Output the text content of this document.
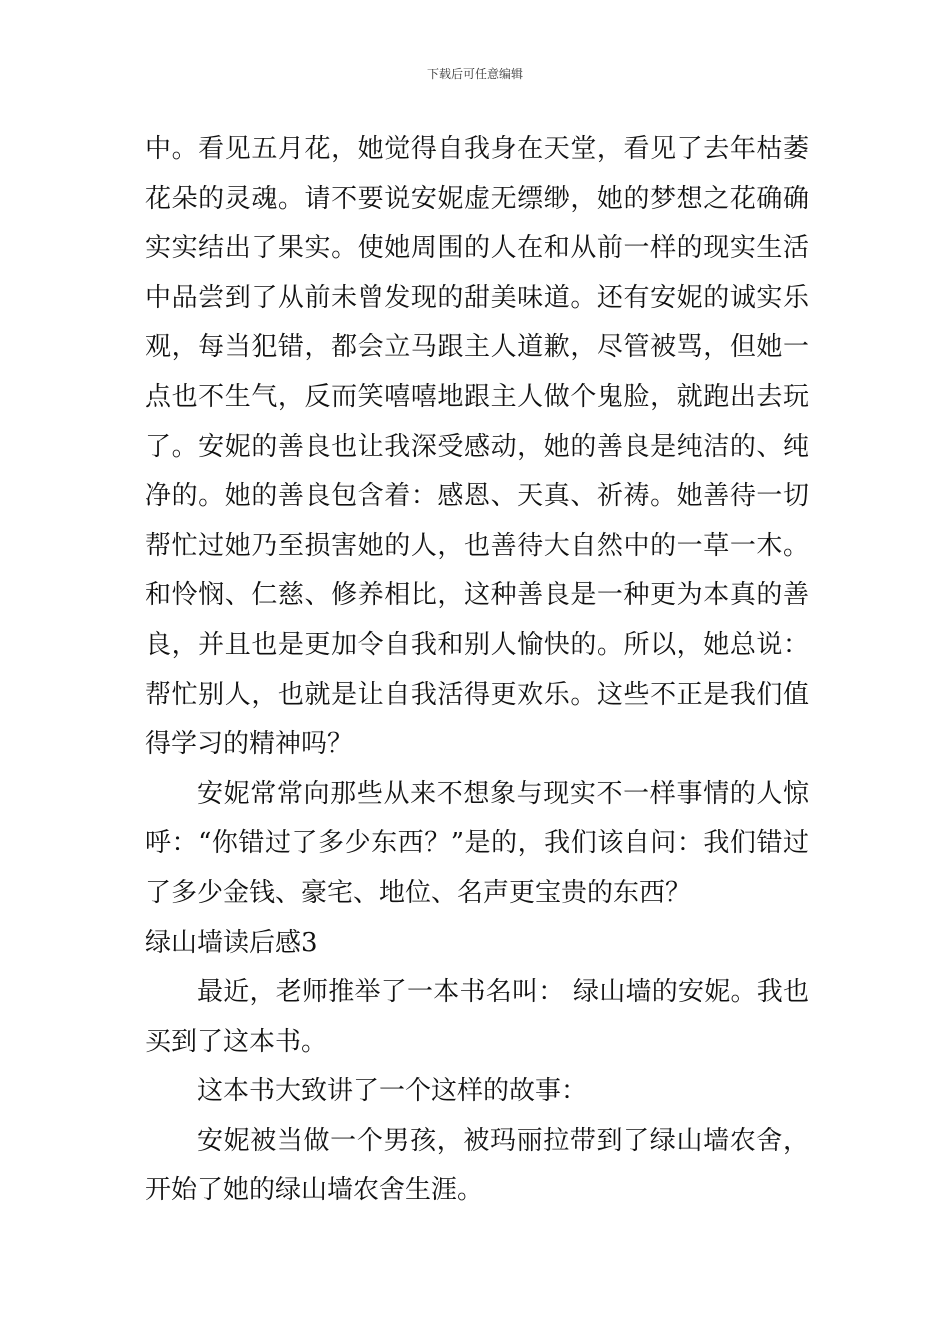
下载后可任意编辑

中。看见五月花，她觉得自我身在天堂，看见了去年枯萎花朵的灵魂。请不要说安妮虚无缥缈，她的梦想之花确确实实结出了果实。使她周围的人在和从前一样的现实生活中品尝到了从前未曾发现的甜美味道。还有安妮的诚实乐观，每当犯错，都会立马跟主人道歉，尽管被骂，但她一点也不生气，反而笑嘻嘻地跟主人做个鬼脸，就跑出去玩了。安妮的善良也让我深受感动，她的善良是纯洁的、纯净的。她的善良包含着：感恩、天真、祈祷。她善待一切帮忙过她乃至损害她的人，也善待大自然中的一草一木。和怜悯、仁慈、修养相比，这种善良是一种更为本真的善良，并且也是更加令自我和别人愉快的。所以，她总说：帮忙别人，也就是让自我活得更欢乐。这些不正是我们值得学习的精神吗？

安妮常常向那些从来不想象与现实不一样事情的人惊呼：“你错过了多少东西？”是的，我们该自问：我们错过了多少金钱、豪宅、地位、名声更宝贵的东西？

绿山墙读后感3

最近，老师推举了一本书名叫： 绿山墙的安妮。我也买到了这本书。

这本书大致讲了一个这样的故事：

安妮被当做一个男孩，被玛丽拉带到了绿山墙农舍，开始了她的绿山墙农舍生涯。
